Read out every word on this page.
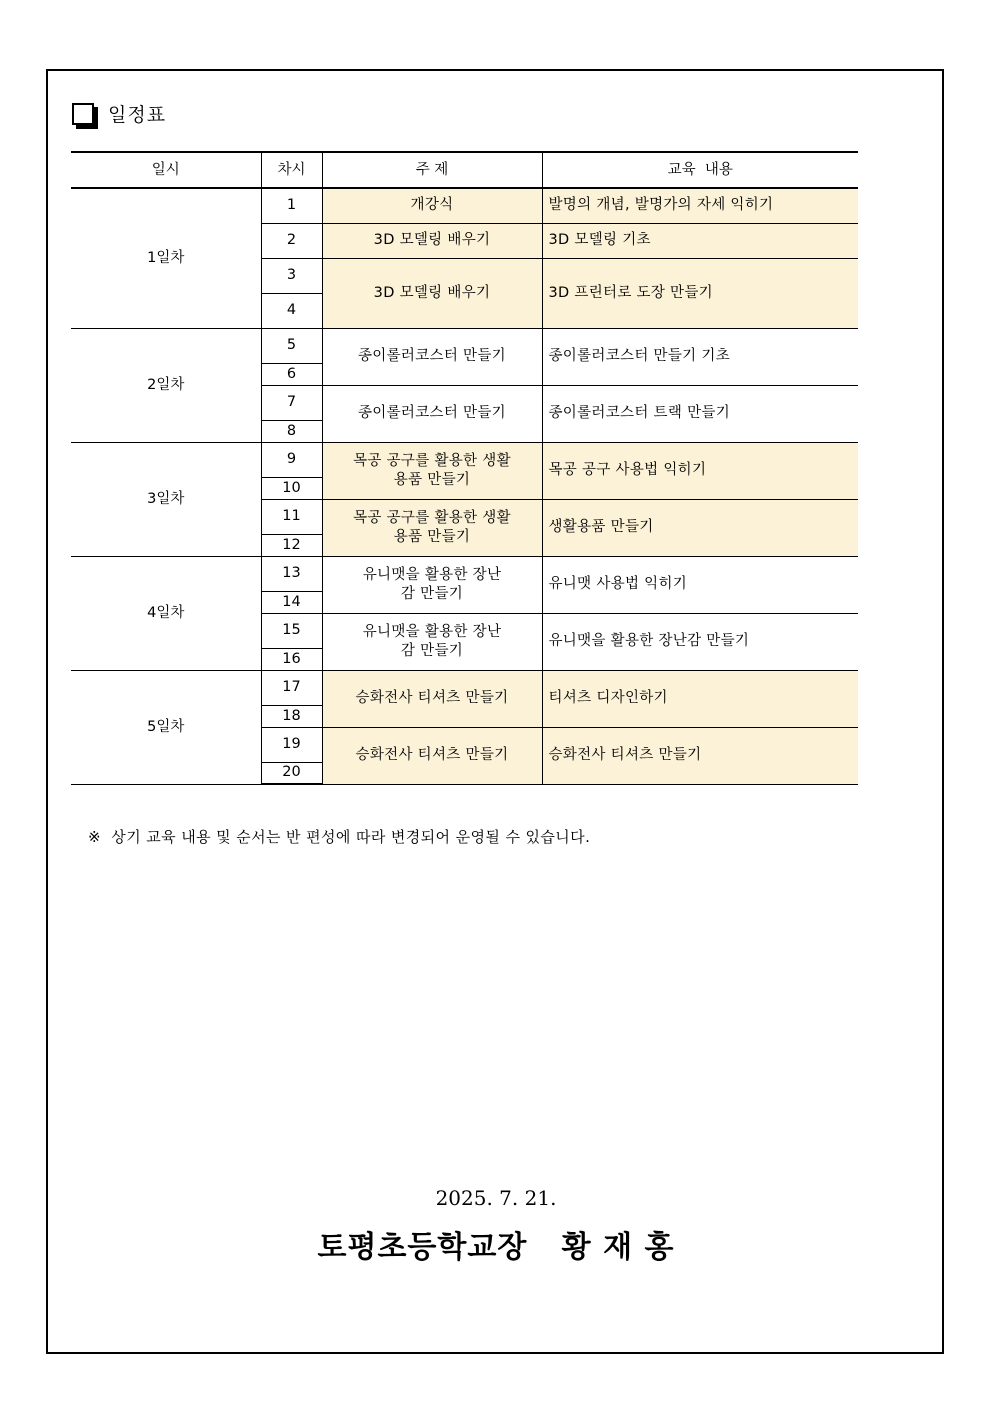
일정표
일시	차시	주 제	교육  내용
1일차	1	개강식	발명의 개념, 발명가의 자세 익히기
	2	3D 모델링 배우기	3D 모델링 기초
	3	3D 모델링 배우기	3D 프린터로 도장 만들기
	4		
2일차	5	종이롤러코스터 만들기	종이롤러코스터 만들기 기초
	6		
	7	종이롤러코스터 만들기	종이롤러코스터 트랙 만들기
	8		
3일차	9	목공 공구를 활용한 생활용품 만들기	목공 공구 사용법 익히기
	10		
	11	목공 공구를 활용한 생활용품 만들기	생활용품 만들기
	12		
4일차	13	유니맷을 활용한 장난감 만들기	유니맷 사용법 익히기
	14		
	15	유니맷을 활용한 장난감 만들기	유니맷을 활용한 장난감 만들기
	16		
5일차	17	승화전사 티셔츠 만들기	티셔츠 디자인하기
	18		
	19	승화전사 티셔츠 만들기	승화전사 티셔츠 만들기
	20		
※  상기 교육 내용 및 순서는 반 편성에 따라 변경되어 운영될 수 있습니다.
2025. 7. 21.
토평초등학교장   황 재 홍
